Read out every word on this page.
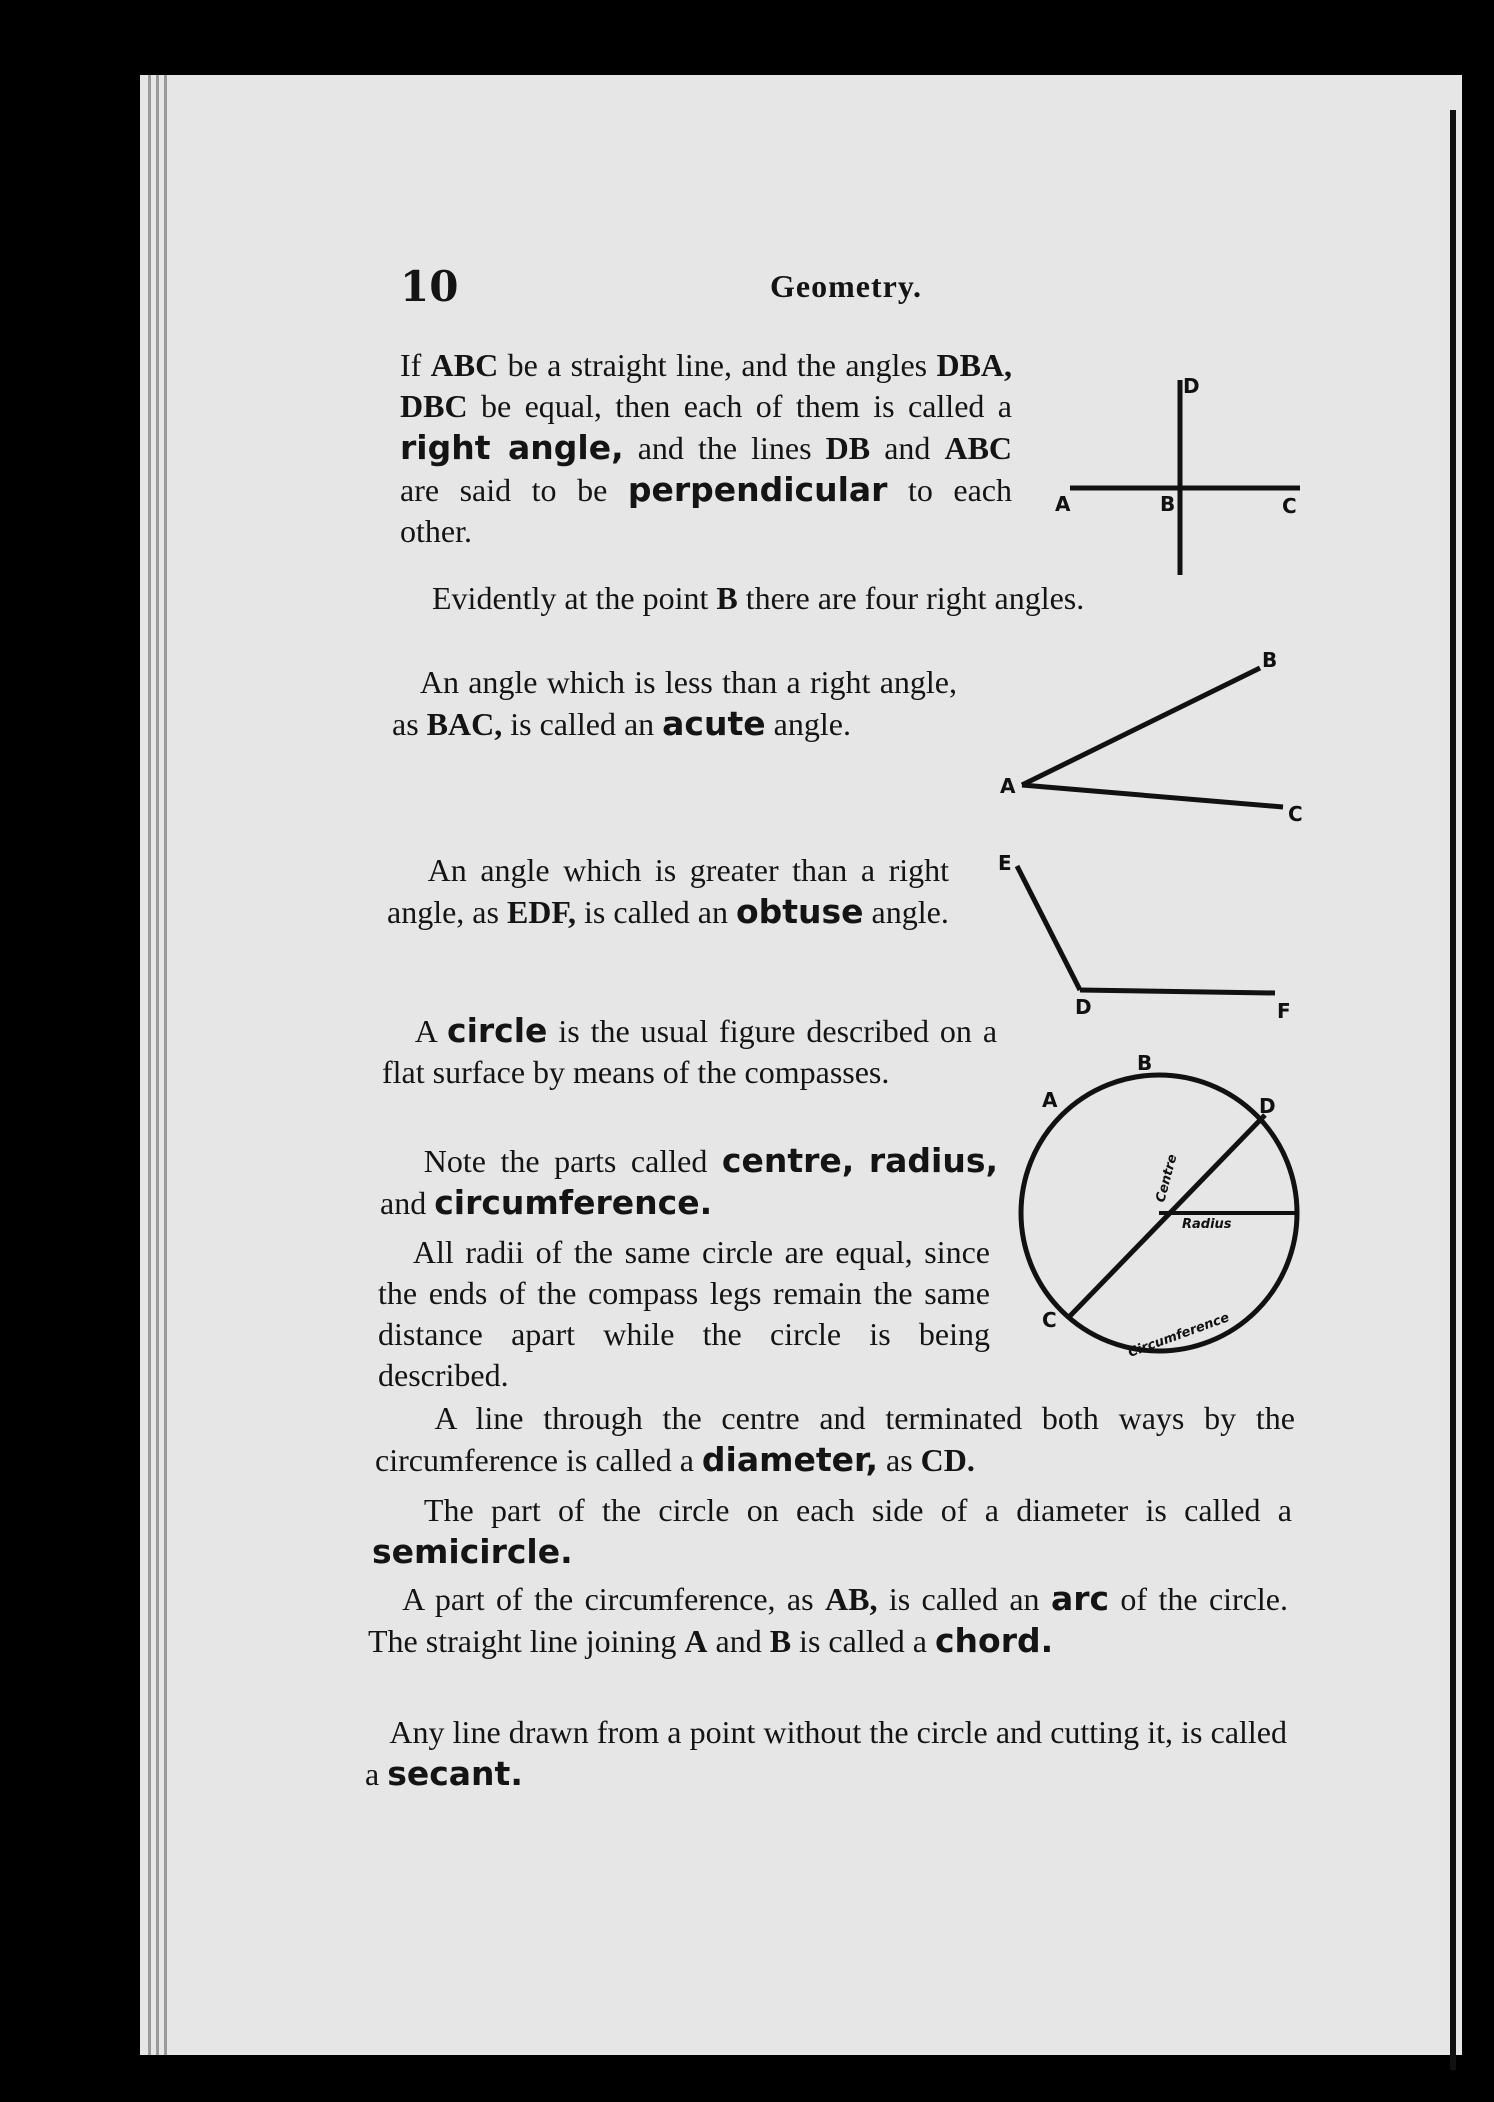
10	Geometry.

If ABC be a straight line, and the angles DBA, DBC be equal, then each of them is called a right angle, and the lines DB and ABC are said to be perpendicular to each other.

D
A	B	C

Evidently at the point B there are four right angles.

An angle which is less than a right angle, as BAC, is called an acute angle.

A
B
C

An angle which is greater than a right angle, as EDF, is called an obtuse angle.

E
D	F

A circle is the usual figure described on a flat surface by means of the compasses.

Note the parts called centre, radius, and circumference.

All radii of the same circle are equal, since the ends of the compass legs remain the same distance apart while the circle is being described.

B
A	D
C
Centre
Radius
Circumference

A line through the centre and terminated both ways by the circumference is called a diameter, as CD.

The part of the circle on each side of a diameter is called a semicircle.

A part of the circumference, as AB, is called an arc of the circle. The straight line joining A and B is called a chord.

Any line drawn from a point without the circle and cutting it, is called a secant.
